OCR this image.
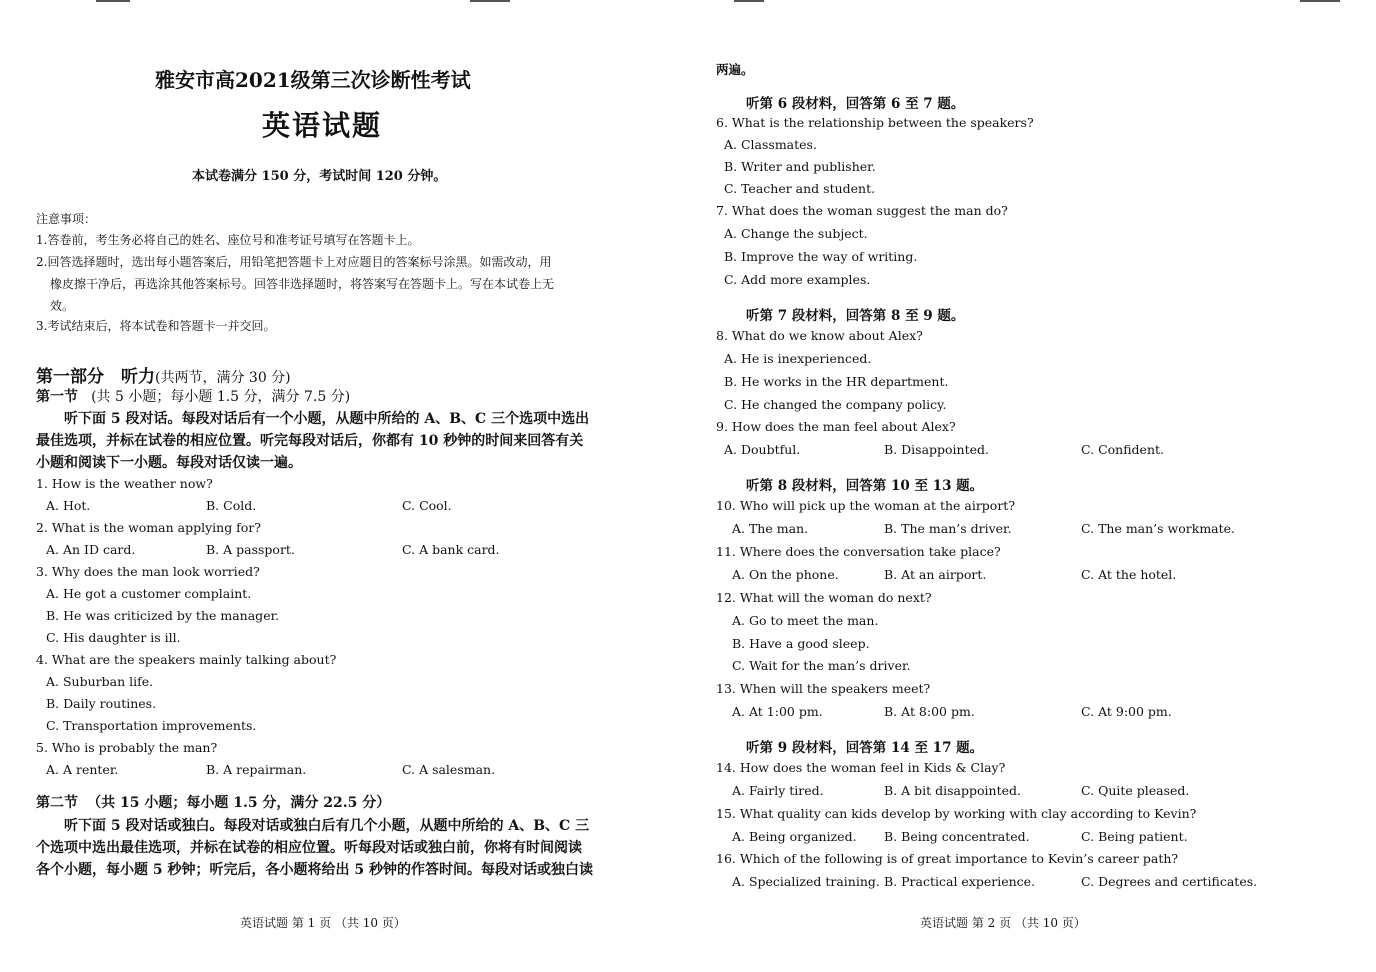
雅安市高2021级第三次诊断性考试
英语试题
本试卷满分 150 分，考试时间 120 分钟。
注意事项：
1.答卷前，考生务必将自己的姓名、座位号和准考证号填写在答题卡上。
2.回答选择题时，选出每小题答案后，用铅笔把答题卡上对应题目的答案标号涂黑。如需改动，用
橡皮擦干净后，再选涂其他答案标号。回答非选择题时，将答案写在答题卡上。写在本试卷上无
效。
3.考试结束后，将本试卷和答题卡一并交回。
第一部分　听力(共两节，满分 30 分)
第一节 (共 5 小题；每小题 1.5 分，满分 7.5 分)
听下面 5 段对话。每段对话后有一个小题，从题中所给的 A、B、C 三个选项中选出
最佳选项，并标在试卷的相应位置。听完每段对话后，你都有 10 秒钟的时间来回答有关
小题和阅读下一小题。每段对话仅读一遍。
1. How is the weather now?
A. Hot.	B. Cold.	C. Cool.
2. What is the woman applying for?
A. An ID card.	B. A passport.	C. A bank card.
3. Why does the man look worried?
A. He got a customer complaint.
B. He was criticized by the manager.
C. His daughter is ill.
4. What are the speakers mainly talking about?
A. Suburban life.
B. Daily routines.
C. Transportation improvements.
5. Who is probably the man?
A. A renter.	B. A repairman.	C. A salesman.
第二节 （共 15 小题；每小题 1.5 分，满分 22.5 分）
听下面 5 段对话或独白。每段对话或独白后有几个小题，从题中所给的 A、B、C 三
个选项中选出最佳选项，并标在试卷的相应位置。听每段对话或独白前，你将有时间阅读
各个小题，每小题 5 秒钟；听完后，各小题将给出 5 秒钟的作答时间。每段对话或独白读
英语试题 第 1 页 （共 10 页）
两遍。
听第 6 段材料，回答第 6 至 7 题。
6. What is the relationship between the speakers?
A. Classmates.
B. Writer and publisher.
C. Teacher and student.
7. What does the woman suggest the man do?
A. Change the subject.
B. Improve the way of writing.
C. Add more examples.
听第 7 段材料，回答第 8 至 9 题。
8. What do we know about Alex?
A. He is inexperienced.
B. He works in the HR department.
C. He changed the company policy.
9. How does the man feel about Alex?
A. Doubtful.	B. Disappointed.	C. Confident.
听第 8 段材料，回答第 10 至 13 题。
10. Who will pick up the woman at the airport?
A. The man.	B. The man’s driver.	C. The man’s workmate.
11. Where does the conversation take place?
A. On the phone.	B. At an airport.	C. At the hotel.
12. What will the woman do next?
A. Go to meet the man.
B. Have a good sleep.
C. Wait for the man’s driver.
13. When will the speakers meet?
A. At 1:00 pm.	B. At 8:00 pm.	C. At 9:00 pm.
听第 9 段材料，回答第 14 至 17 题。
14. How does the woman feel in Kids & Clay?
A. Fairly tired.	B. A bit disappointed.	C. Quite pleased.
15. What quality can kids develop by working with clay according to Kevin?
A. Being organized. B. Being concentrated.	C. Being patient.
16. Which of the following is of great importance to Kevin’s career path?
A. Specialized training. B. Practical experience.	C. Degrees and certificates.
英语试题 第 2 页 （共 10 页）
